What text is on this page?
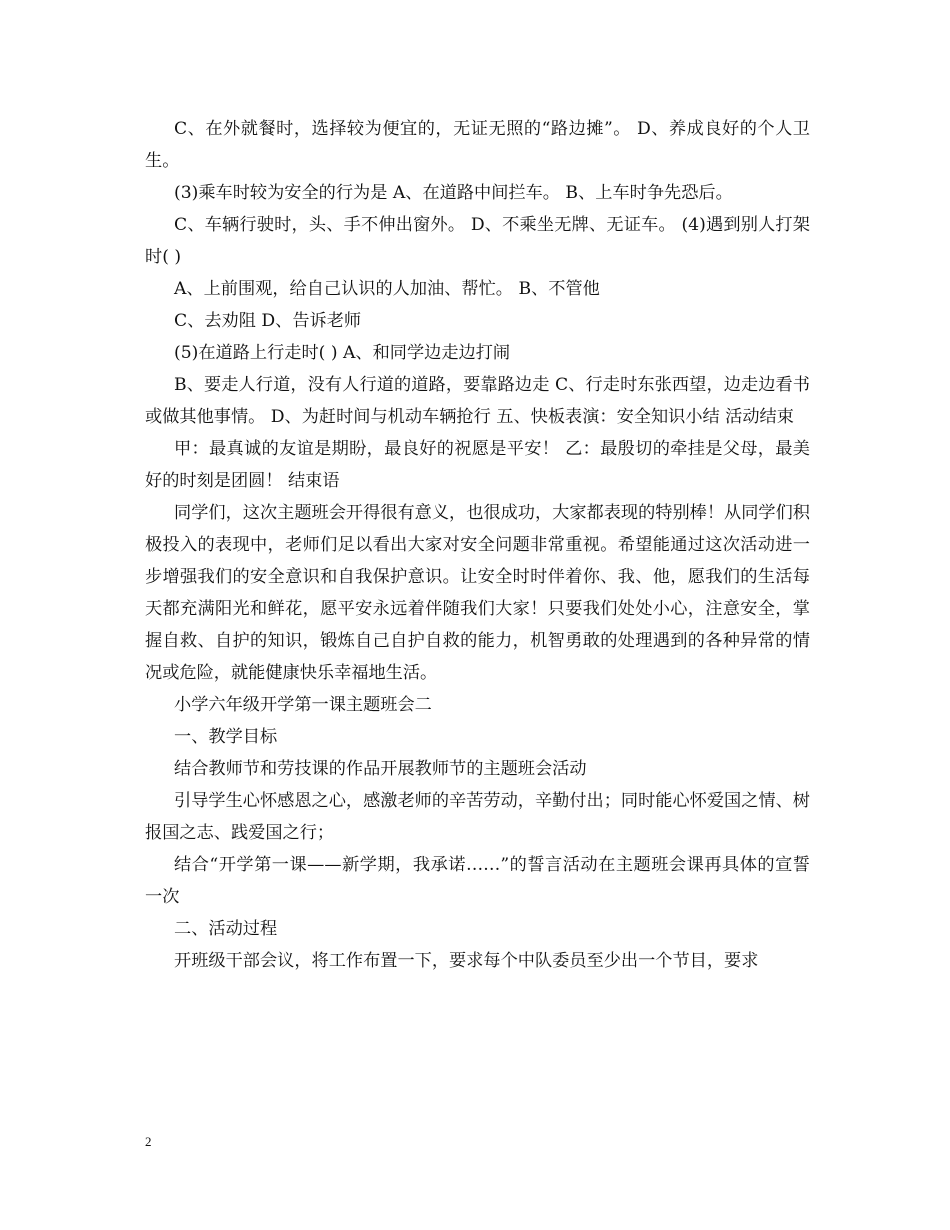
C、在外就餐时，选择较为便宜的，无证无照的“路边摊”。 D、养成良好的个人卫生。

(3)乘车时较为安全的行为是 A、在道路中间拦车。 B、上车时争先恐后。

C、车辆行驶时，头、手不伸出窗外。 D、不乘坐无牌、无证车。 (4)遇到别人打架时( )

A、上前围观，给自己认识的人加油、帮忙。 B、不管他

C、去劝阻 D、告诉老师

(5)在道路上行走时( ) A、和同学边走边打闹

B、要走人行道，没有人行道的道路，要靠路边走 C、行走时东张西望，边走边看书或做其他事情。 D、为赶时间与机动车辆抢行 五、快板表演：安全知识小结 活动结束

甲：最真诚的友谊是期盼，最良好的祝愿是平安！ 乙：最殷切的牵挂是父母，最美好的时刻是团圆！ 结束语

同学们，这次主题班会开得很有意义，也很成功，大家都表现的特别棒！从同学们积极投入的表现中，老师们足以看出大家对安全问题非常重视。希望能通过这次活动进一步增强我们的安全意识和自我保护意识。让安全时时伴着你、我、他，愿我们的生活每天都充满阳光和鲜花，愿平安永远着伴随我们大家！只要我们处处小心，注意安全，掌握自救、自护的知识，锻炼自己自护自救的能力，机智勇敢的处理遇到的各种异常的情况或危险，就能健康快乐幸福地生活。

小学六年级开学第一课主题班会二

一、教学目标

结合教师节和劳技课的作品开展教师节的主题班会活动

引导学生心怀感恩之心，感激老师的辛苦劳动，辛勤付出；同时能心怀爱国之情、树报国之志、践爱国之行；

结合“开学第一课——新学期，我承诺……”的誓言活动在主题班会课再具体的宣誓一次

二、活动过程

开班级干部会议，将工作布置一下，要求每个中队委员至少出一个节目，要求

2
